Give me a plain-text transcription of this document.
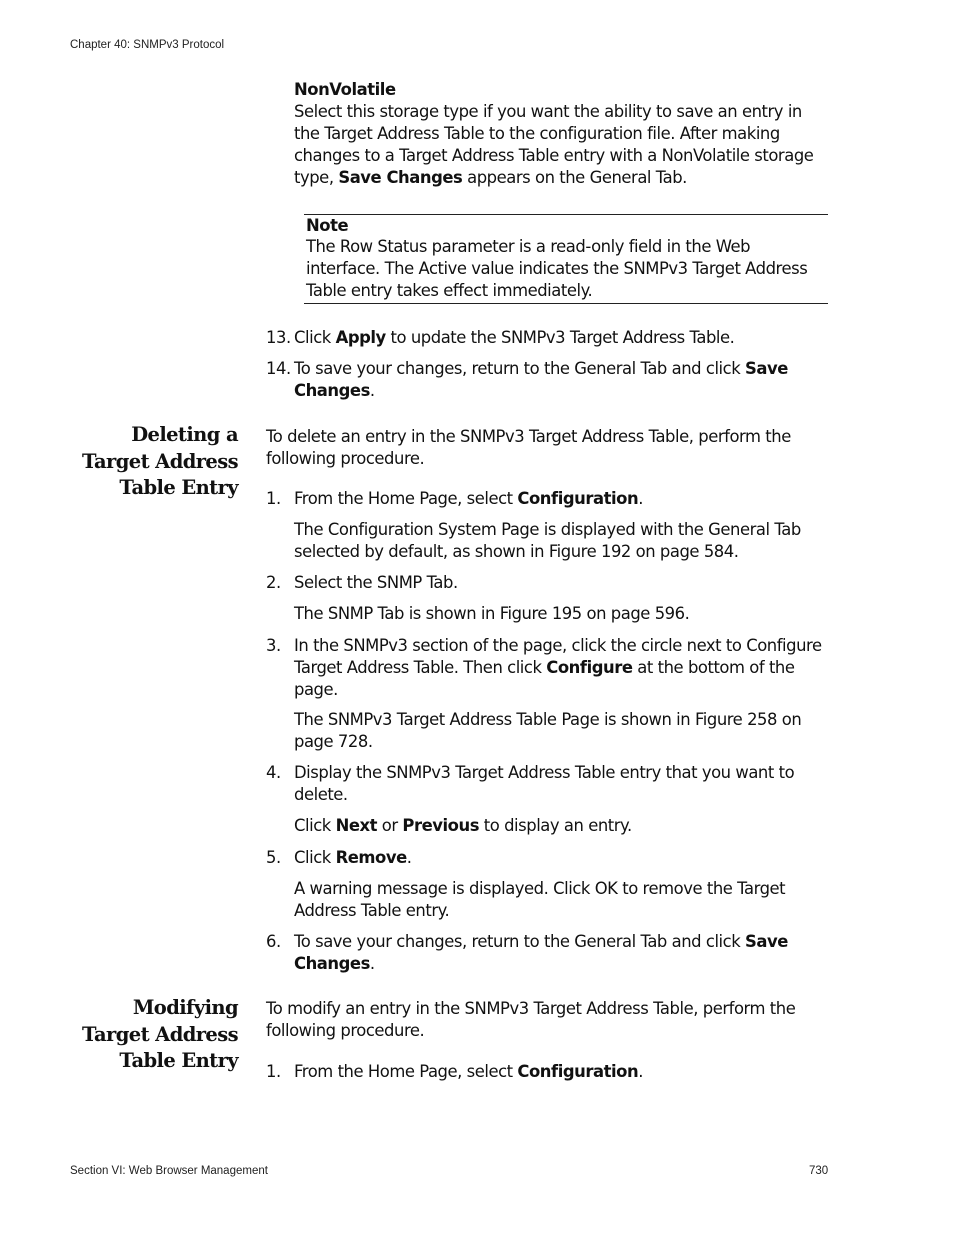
Chapter 40: SNMPv3 Protocol
Section VI: Web Browser Management	730
NonVolatile

Select this storage type if you want the ability to save an entry in the Target Address Table to the configuration file. After making changes to a Target Address Table entry with a NonVolatile storage type, Save Changes appears on the General Tab.

Note

The Row Status parameter is a read-only field in the Web interface. The Active value indicates the SNMPv3 Target Address Table entry takes effect immediately.

13. Click Apply to update the SNMPv3 Target Address Table.

14. To save your changes, return to the General Tab and click Save Changes.

Deleting a
Target Address
Table Entry

To delete an entry in the SNMPv3 Target Address Table, perform the following procedure.

1. From the Home Page, select Configuration.

The Configuration System Page is displayed with the General Tab selected by default, as shown in Figure 192 on page 584.

2. Select the SNMP Tab.

The SNMP Tab is shown in Figure 195 on page 596.

3. In the SNMPv3 section of the page, click the circle next to Configure Target Address Table. Then click Configure at the bottom of the page.

The SNMPv3 Target Address Table Page is shown in Figure 258 on page 728.

4. Display the SNMPv3 Target Address Table entry that you want to delete.

Click Next or Previous to display an entry.

5. Click Remove.

A warning message is displayed. Click OK to remove the Target Address Table entry.

6. To save your changes, return to the General Tab and click Save Changes.

Modifying
Target Address
Table Entry

To modify an entry in the SNMPv3 Target Address Table, perform the following procedure.

1. From the Home Page, select Configuration.
